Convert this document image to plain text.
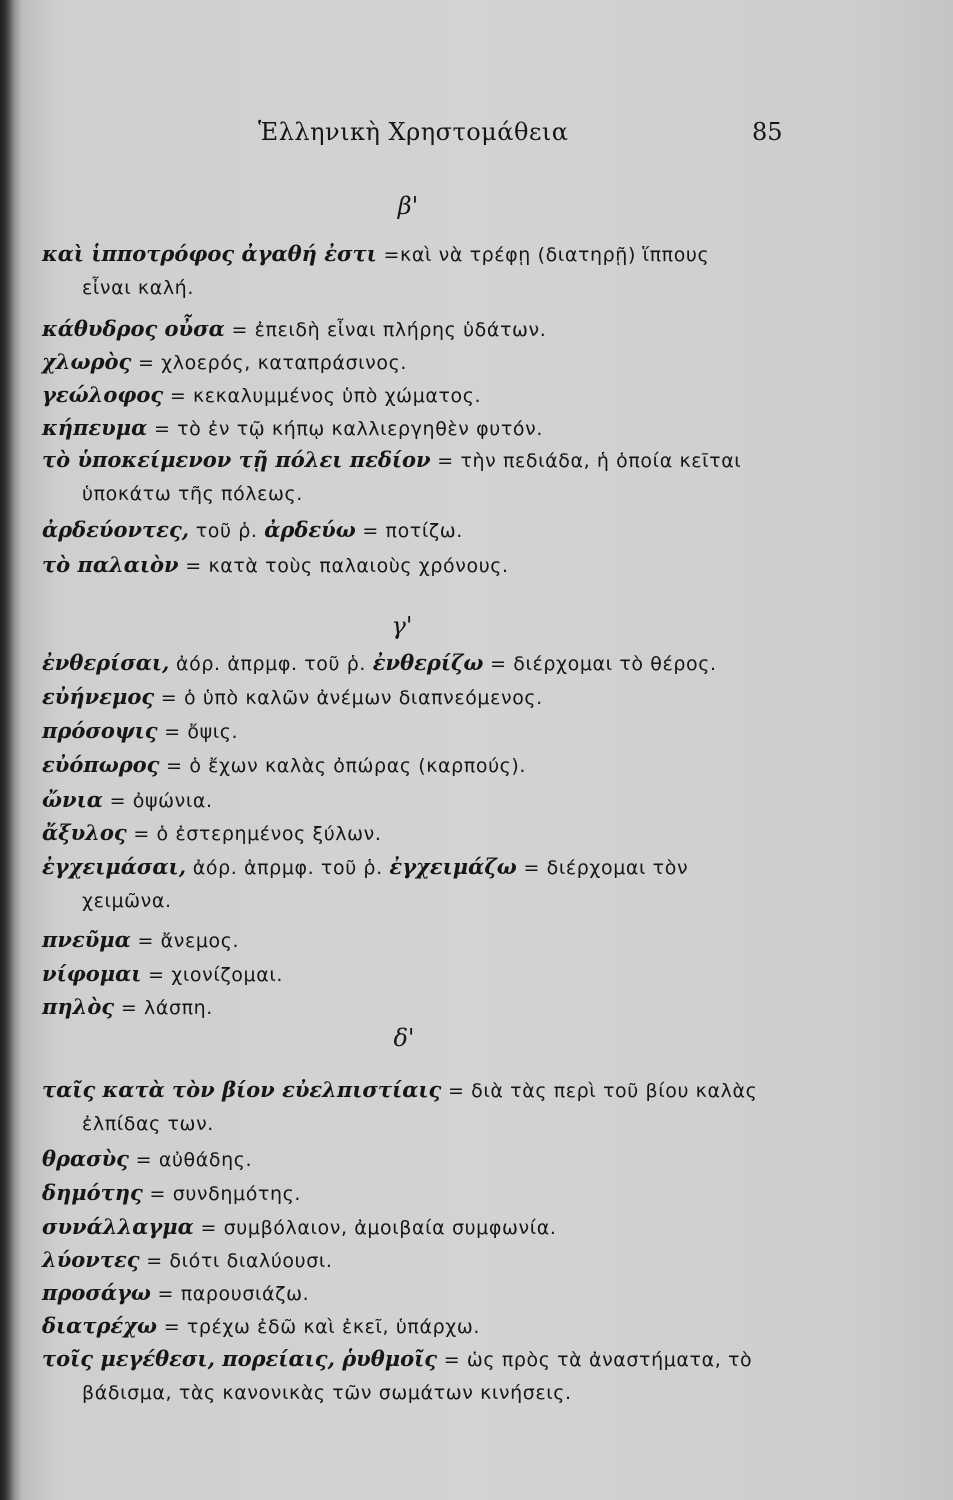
Ἑλληνικὴ Χρηστομάθεια	85
β'
καὶ ἱπποτρόφος ἀγαθή ἐστι =καὶ νὰ τρέφῃ (διατηρῇ) ἵππους
εἶναι καλή.
κάθυδρος οὖσα = ἐπειδὴ εἶναι πλήρης ὑδάτων.
χλωρὸς = χλοερός, καταπράσινος.
γεώλοφος = κεκαλυμμένος ὑπὸ χώματος.
κήπευμα = τὸ ἐν τῷ κήπῳ καλλιεργηθὲν φυτόν.
τὸ ὑποκείμενον τῇ πόλει πεδίον = τὴν πεδιάδα, ἡ ὁποία κεῖται
ὑποκάτω τῆς πόλεως.
ἀρδεύοντες, τοῦ ῥ. ἀρδεύω = ποτίζω.
τὸ παλαιὸν = κατὰ τοὺς παλαιοὺς χρόνους.
γ'
ἐνθερίσαι, ἀόρ. ἀπρμφ. τοῦ ῥ. ἐνθερίζω = διέρχομαι τὸ θέρος.
εὐήνεμος = ὁ ὑπὸ καλῶν ἀνέμων διαπνεόμενος.
πρόσοψις = ὄψις.
εὐόπωρος = ὁ ἔχων καλὰς ὀπώρας (καρπούς).
ὤνια = ὀψώνια.
ἄξυλος = ὁ ἐστερημένος ξύλων.
ἐγχειμάσαι, ἀόρ. ἀπρμφ. τοῦ ῥ. ἐγχειμάζω = διέρχομαι τὸν
χειμῶνα.
πνεῦμα = ἄνεμος.
νίφομαι = χιονίζομαι.
πηλὸς = λάσπη.
δ'
ταῖς κατὰ τὸν βίον εὐελπιστίαις = διὰ τὰς περὶ τοῦ βίου καλὰς
ἐλπίδας των.
θρασὺς = αὐθάδης.
δημότης = συνδημότης.
συνάλλαγμα = συμβόλαιον, ἀμοιβαία συμφωνία.
λύοντες = διότι διαλύουσι.
προσάγω = παρουσιάζω.
διατρέχω = τρέχω ἐδῶ καὶ ἐκεῖ, ὑπάρχω.
τοῖς μεγέθεσι, πορείαις, ῥυθμοῖς = ὡς πρὸς τὰ ἀναστήματα, τὸ
βάδισμα, τὰς κανονικὰς τῶν σωμάτων κινήσεις.
